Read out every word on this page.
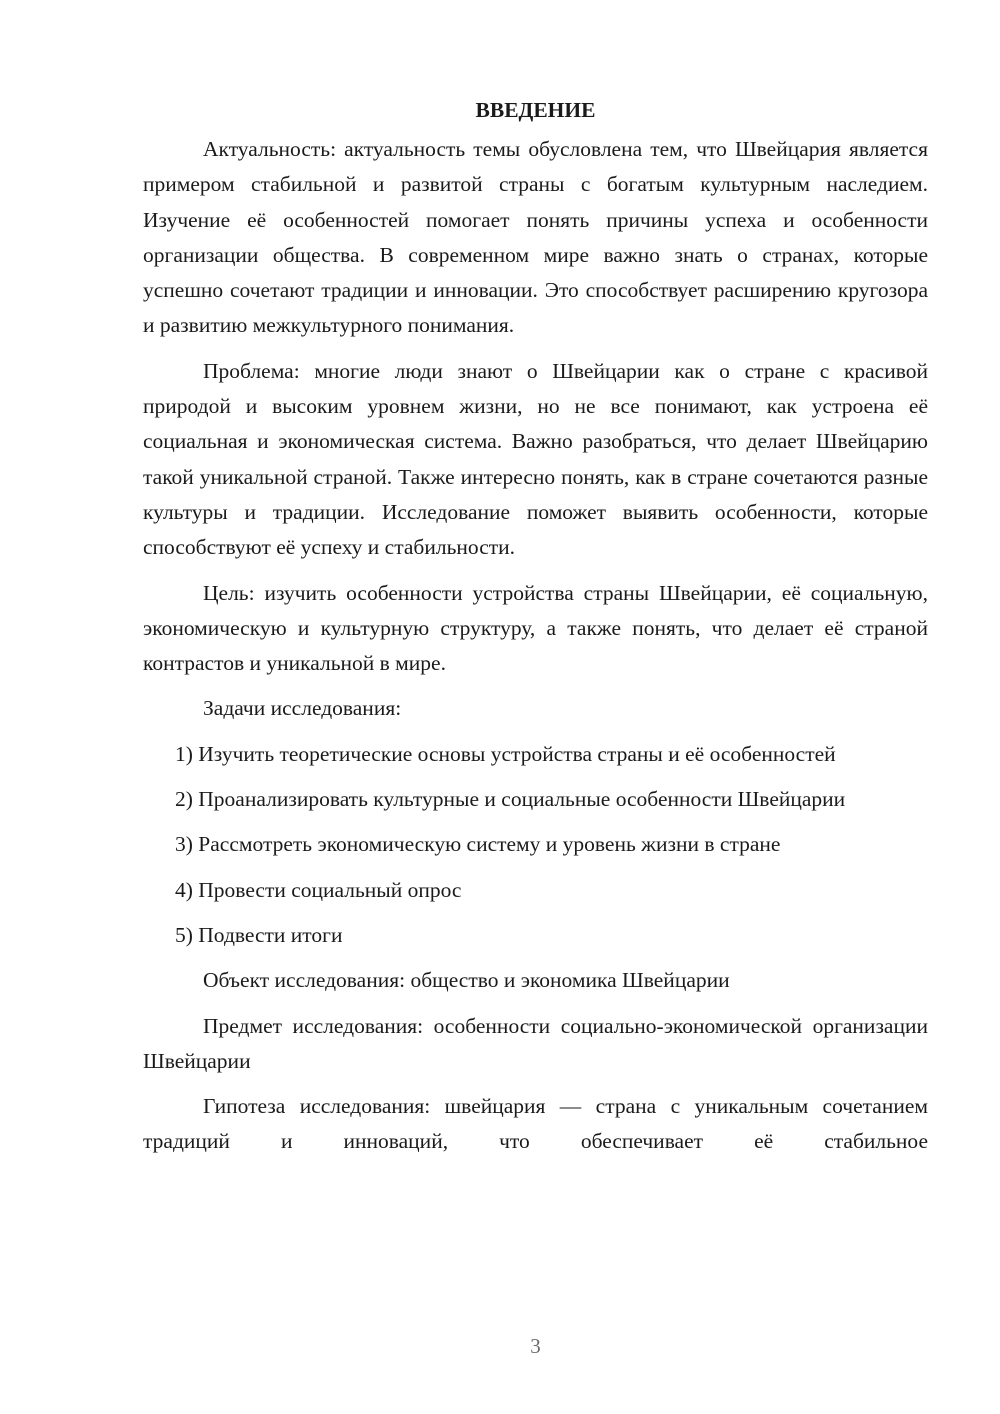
ВВЕДЕНИЕ

Актуальность: актуальность темы обусловлена тем, что Швейцария является примером стабильной и развитой страны с богатым культурным наследием. Изучение её особенностей помогает понять причины успеха и особенности организации общества. В современном мире важно знать о странах, которые успешно сочетают традиции и инновации. Это способствует расширению кругозора и развитию межкультурного понимания.

Проблема: многие люди знают о Швейцарии как о стране с красивой природой и высоким уровнем жизни, но не все понимают, как устроена её социальная и экономическая система. Важно разобраться, что делает Швейцарию такой уникальной страной. Также интересно понять, как в стране сочетаются разные культуры и традиции. Исследование поможет выявить особенности, которые способствуют её успеху и стабильности.

Цель: изучить особенности устройства страны Швейцарии, её социальную, экономическую и культурную структуру, а также понять, что делает её страной контрастов и уникальной в мире.

Задачи исследования:

1) Изучить теоретические основы устройства страны и её особенностей

2) Проанализировать культурные и социальные особенности Швейцарии

3) Рассмотреть экономическую систему и уровень жизни в стране

4) Провести социальный опрос

5) Подвести итоги

Объект исследования: общество и экономика Швейцарии

Предмет исследования: особенности социально-экономической организации Швейцарии

Гипотеза исследования: швейцария — страна с уникальным сочетанием традиций и инноваций, что обеспечивает её стабильное

3
